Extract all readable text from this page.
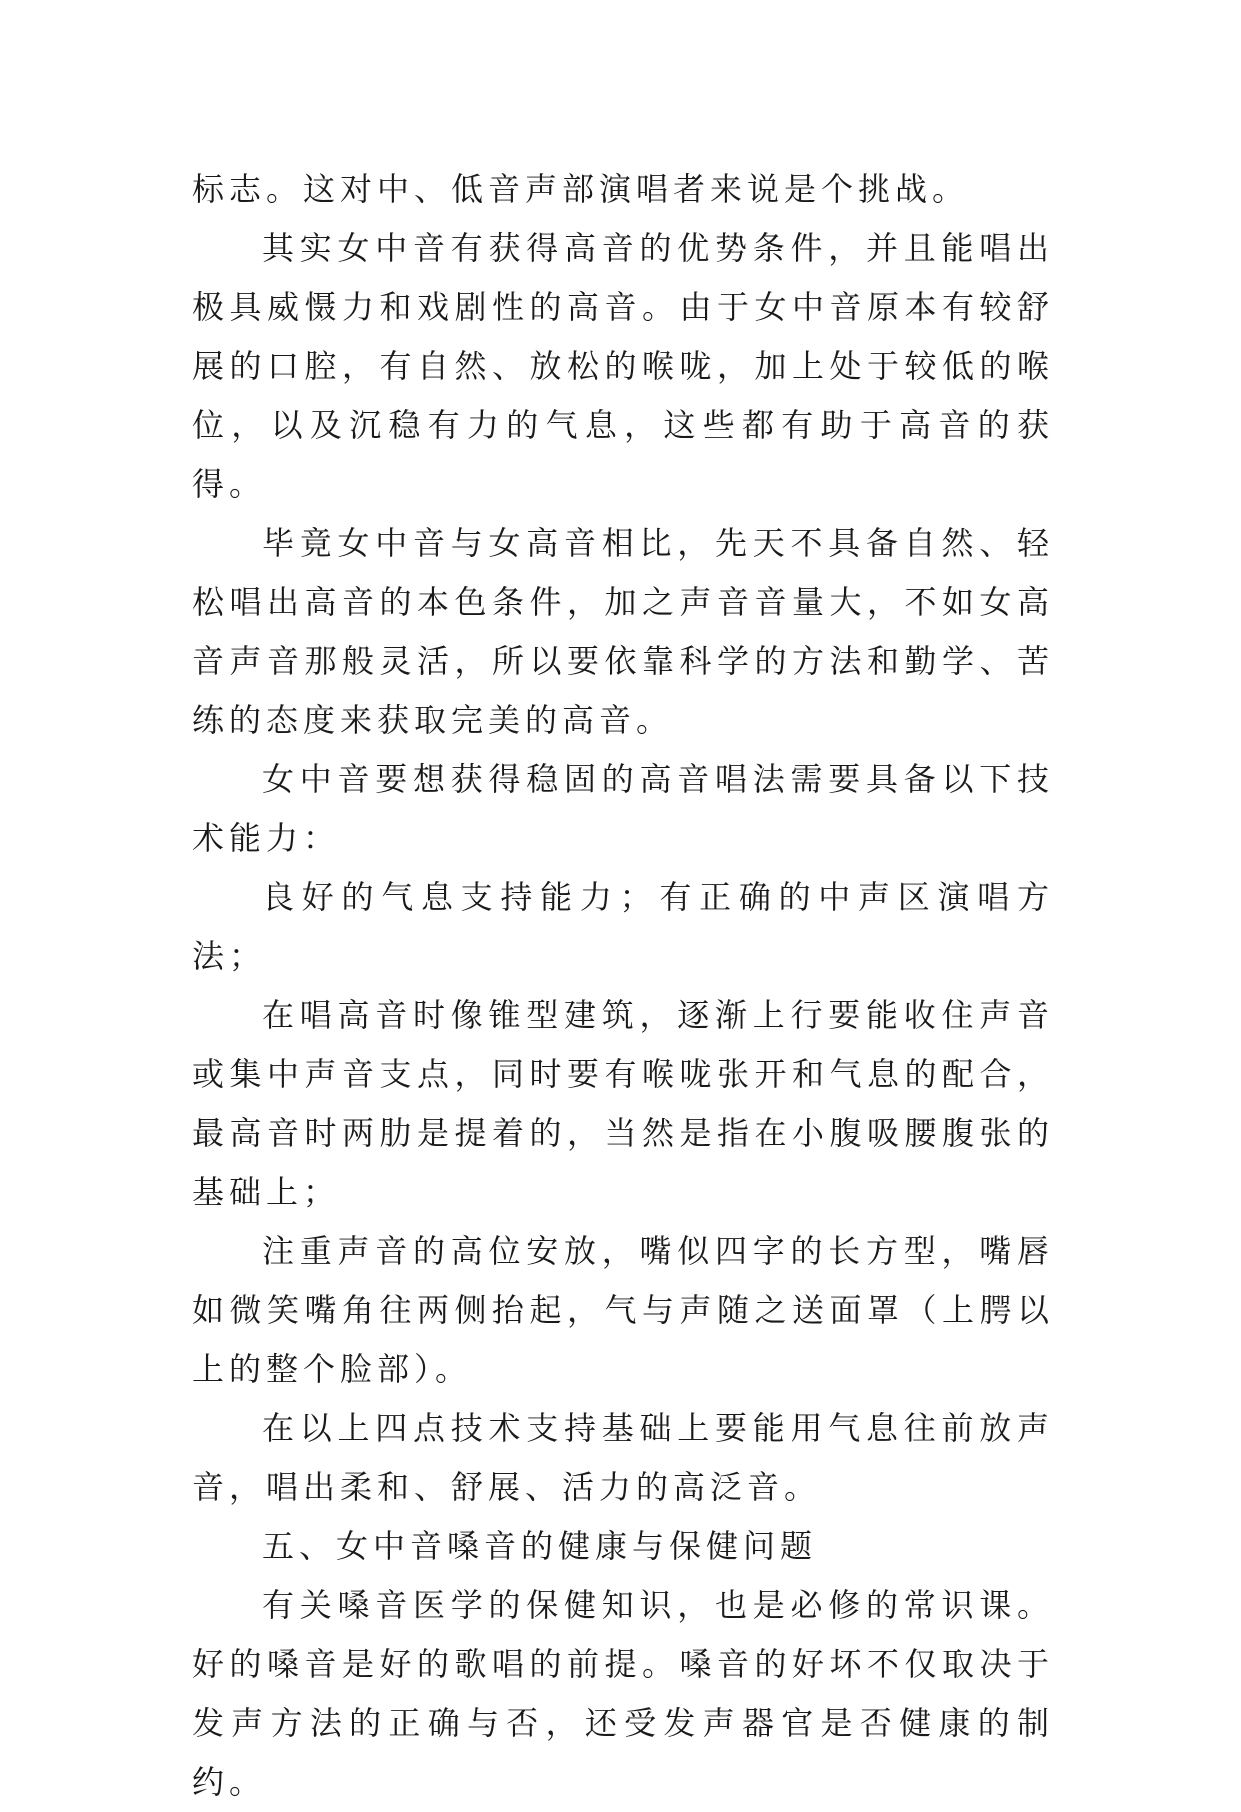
标志。这对中、低音声部演唱者来说是个挑战。

其实女中音有获得高音的优势条件，并且能唱出极具威慑力和戏剧性的高音。由于女中音原本有较舒展的口腔，有自然、放松的喉咙，加上处于较低的喉位，以及沉稳有力的气息，这些都有助于高音的获得。

毕竟女中音与女高音相比，先天不具备自然、轻松唱出高音的本色条件，加之声音音量大，不如女高音声音那般灵活，所以要依靠科学的方法和勤学、苦练的态度来获取完美的高音。

女中音要想获得稳固的高音唱法需要具备以下技术能力：

良好的气息支持能力；有正确的中声区演唱方法；

在唱高音时像锥型建筑，逐渐上行要能收住声音或集中声音支点，同时要有喉咙张开和气息的配合，最高音时两肋是提着的，当然是指在小腹吸腰腹张的基础上；

注重声音的高位安放，嘴似四字的长方型，嘴唇如微笑嘴角往两侧抬起，气与声随之送面罩（上腭以上的整个脸部）。

在以上四点技术支持基础上要能用气息往前放声音，唱出柔和、舒展、活力的高泛音。

五、女中音嗓音的健康与保健问题

有关嗓音医学的保健知识，也是必修的常识课。好的嗓音是好的歌唱的前提。嗓音的好坏不仅取决于发声方法的正确与否，还受发声器官是否健康的制约。
